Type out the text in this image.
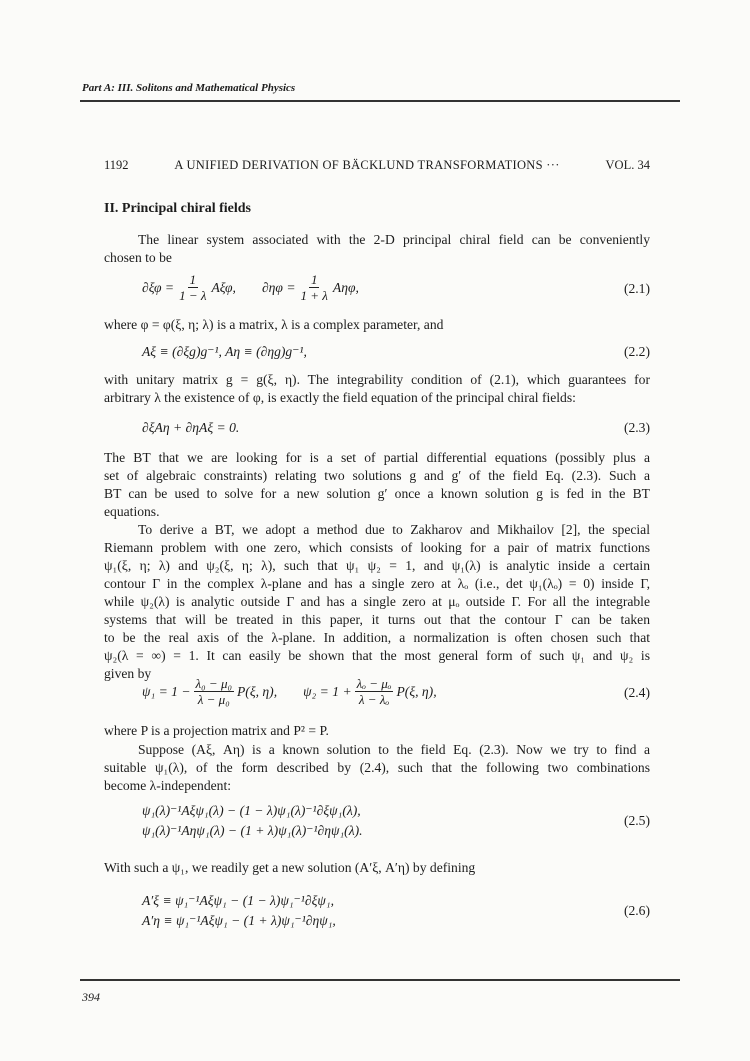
Part A: III. Solitons and Mathematical Physics
1192	A UNIFIED DERIVATION OF BÄCKLUND TRANSFORMATIONS ···	VOL. 34
II. Principal chiral fields
The linear system associated with the 2-D principal chiral field can be conveniently
chosen to be
$\partial\xi\varphi = \frac{1}{1 - \lambda} A\xi\varphi$, $\partial\eta\varphi = \frac{1}{1 + \lambda} A\eta\varphi$,	(2.1)
where φ = φ(ξ, η; λ) is a matrix, λ is a complex parameter, and
Aξ ≡ (∂ξg)g⁻¹, Aη ≡ (∂ηg)g⁻¹,	(2.2)
with unitary matrix g = g(ξ, η). The integrability condition of (2.1), which guarantees for
arbitrary λ the existence of φ, is exactly the field equation of the principal chiral fields:
∂ξAη + ∂ηAξ = 0.	(2.3)
The BT that we are looking for is a set of partial differential equations (possibly plus a
set of algebraic constraints) relating two solutions g and g′ of the field Eq. (2.3). Such a
BT can be used to solve for a new solution g′ once a known solution g is fed in the BT
equations.
To derive a BT, we adopt a method due to Zakharov and Mikhailov [2], the special
Riemann problem with one zero, which consists of looking for a pair of matrix functions
ψ₁(ξ, η; λ) and ψ₂(ξ, η; λ), such that ψ₁ ψ₂ = 1, and ψ₁(λ) is analytic inside a certain
contour Γ in the complex λ-plane and has a single zero at λₒ (i.e., det ψ₁(λₒ) = 0) inside Γ,
while ψ₂(λ) is analytic outside Γ and has a single zero at μₒ outside Γ. For all the integrable
systems that will be treated in this paper, it turns out that the contour Γ can be taken
to be the real axis of the λ-plane. In addition, a normalization is often chosen such that
ψ₂(λ = ∞) = 1. It can easily be shown that the most general form of such ψ₁ and ψ₂ is
given by
$\psi_1 = 1 - \frac{\text{λ₀ − μ₀}}{\text{λ − μ₀}} P(\xi$, η), $\psi_2 = 1 + \frac{\text{λₒ − μₒ}}{\text{λ − λₒ}} P(\xi$, η),	(2.4)
where P is a projection matrix and P² = P.
Suppose (Aξ, Aη) is a known solution to the field Eq. (2.3). Now we try to find a
suitable ψ₁(λ), of the form described by (2.4), such that the following two combinations
become λ-independent:
ψ₁(λ)⁻¹Aξψ₁(λ) − (1 − λ)ψ₁(λ)⁻¹∂ξψ₁(λ),
ψ₁(λ)⁻¹Aηψ₁(λ) − (1 + λ)ψ₁(λ)⁻¹∂ηψ₁(λ).
(2.5)
With such a ψ₁, we readily get a new solution (A′ξ, A′η) by defining
A′ξ ≡ ψ₁⁻¹Aξψ₁ − (1 − λ)ψ₁⁻¹∂ξψ₁,
A′η ≡ ψ₁⁻¹Aξψ₁ − (1 + λ)ψ₁⁻¹∂ηψ₁,
(2.6)
394
